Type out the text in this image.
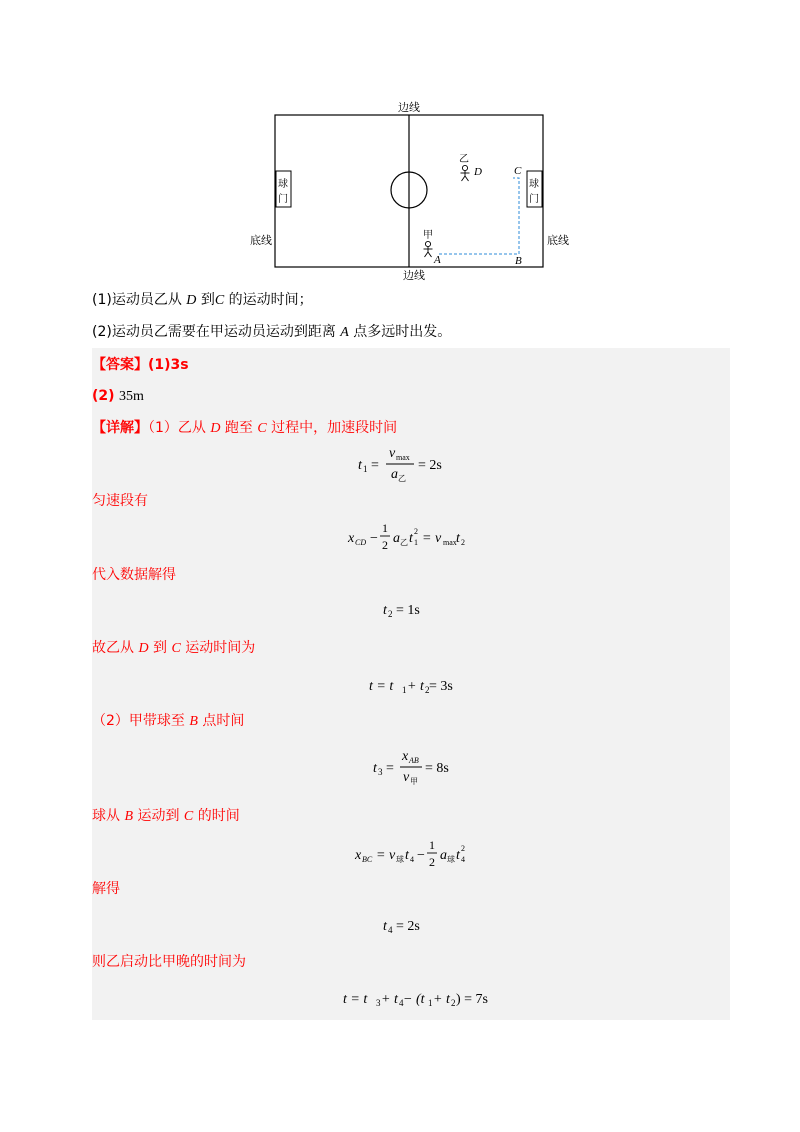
边线
边线
底线	底线
球
门
球
门
乙
D	C
甲
A	B
(1)运动员乙从 D 到C 的运动时间；
(2)运动员乙需要在甲运动员运动到距离 A 点多远时出发。
【答案】(1)3s
(2) 35m
【详解】（1）乙从 D 跑至 C 过程中，加速段时间
t 1 =
v max
a 乙
= 2s
匀速段有
x CD −
1
2 a 乙 t 1
2 = v max t 2
代入数据解得
t 2 = 1s
故乙从 D 到 C 运动时间为
t = t 1 + t 2 = 3s
（2）甲带球至 B 点时间
t 3 =
x AB
v 甲
= 8s
球从 B 运动到 C 的时间
x BC = v 球 t 4 −
1
2 a 球 t 4
2
解得
t 4 = 2s
则乙启动比甲晚的时间为
t = t 3 + t 4 − (t 1 + t 2 ) = 7s
